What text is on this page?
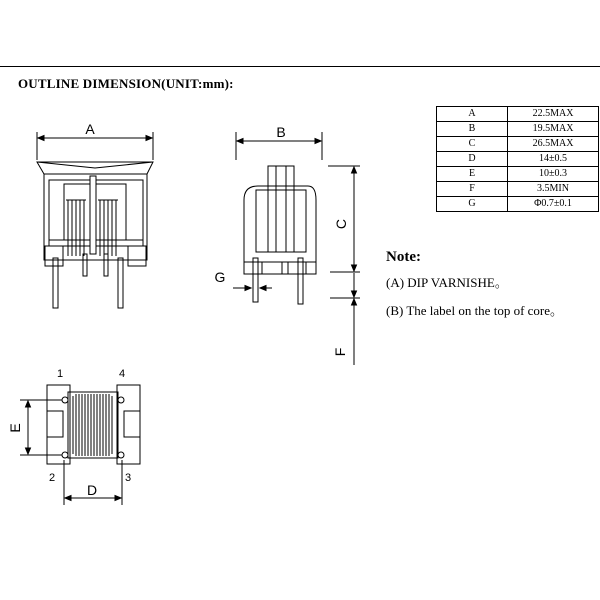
OUTLINE DIMENSION(UNIT:mm):
A	B
C
F
G
E
D
1	4
2	3
A	22.5MAX
B	19.5MAX
C	26.5MAX
D	14±0.5
E	10±0.3
F	3.5MIN
G	Φ0.7±0.1
Note:
(A) DIP VARNISHE。
(B) The label on the top of core。
